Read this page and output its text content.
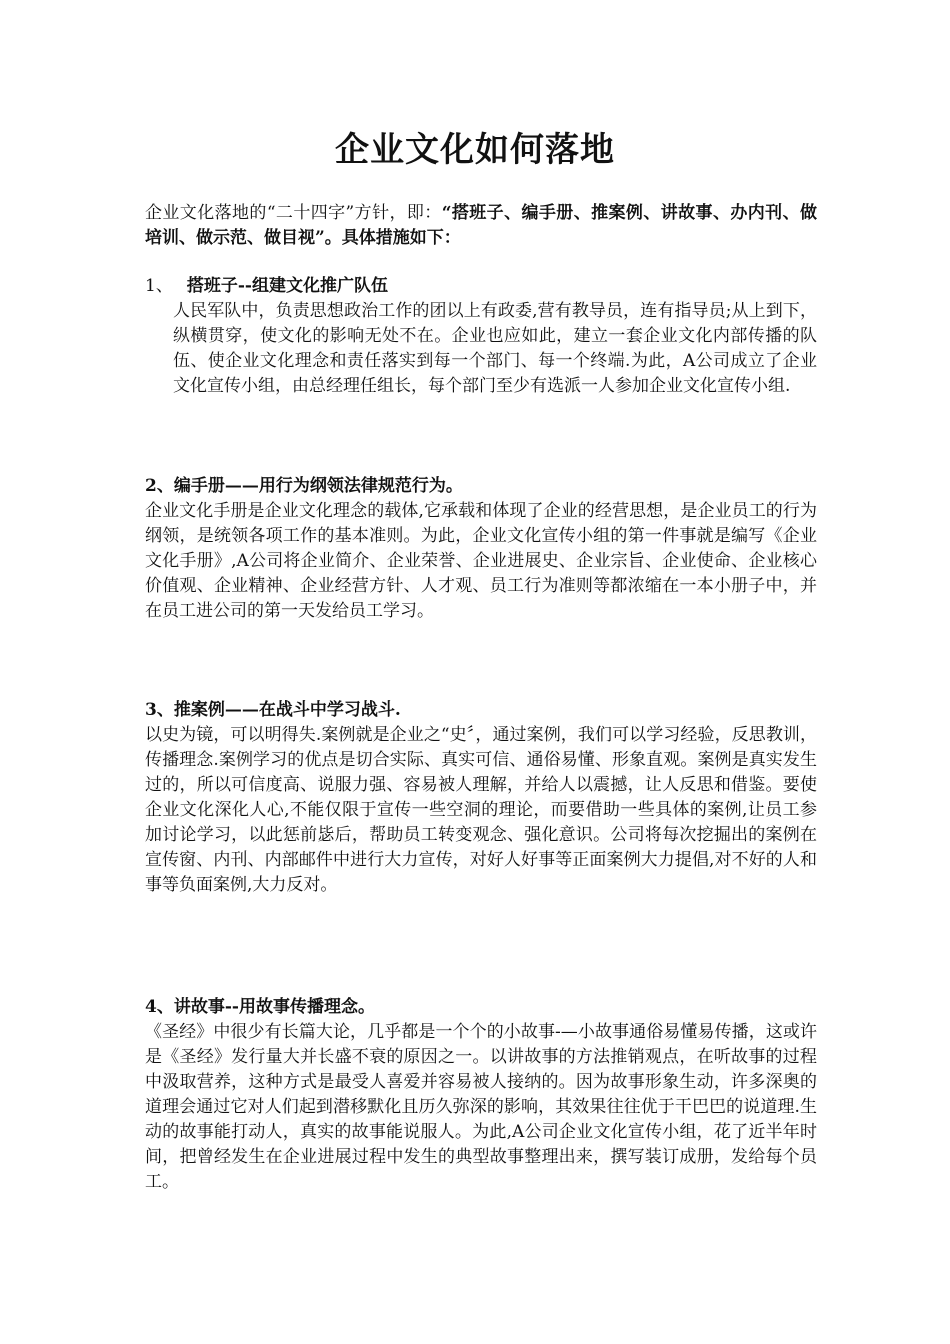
企业文化如何落地

企业文化落地的“二十四字”方针，即：“搭班子、编手册、推案例、讲故事、办内刊、做培训、做示范、做目视”。具体措施如下：

1、 搭班子--组建文化推广队伍

人民军队中，负责思想政治工作的团以上有政委,营有教导员，连有指导员;从上到下，纵横贯穿，使文化的影响无处不在。企业也应如此，建立一套企业文化内部传播的队伍、使企业文化理念和责任落实到每一个部门、每一个终端.为此，A公司成立了企业文化宣传小组，由总经理任组长，每个部门至少有选派一人参加企业文化宣传小组.

2、编手册——用行为纲领法律规范行为。

企业文化手册是企业文化理念的载体,它承载和体现了企业的经营思想，是企业员工的行为纲领，是统领各项工作的基本准则。为此，企业文化宣传小组的第一件事就是编写《企业文化手册》,A公司将企业简介、企业荣誉、企业进展史、企业宗旨、企业使命、企业核心价值观、企业精神、企业经营方针、人才观、员工行为准则等都浓缩在一本小册子中，并在员工进公司的第一天发给员工学习。

3、推案例——在战斗中学习战斗.

以史为镜，可以明得失.案例就是企业之“史〞，通过案例，我们可以学习经验，反思教训，传播理念.案例学习的优点是切合实际、真实可信、通俗易懂、形象直观。案例是真实发生过的，所以可信度高、说服力强、容易被人理解，并给人以震撼，让人反思和借鉴。要使企业文化深化人心,不能仅限于宣传一些空洞的理论，而要借助一些具体的案例,让员工参加讨论学习，以此惩前毖后，帮助员工转变观念、强化意识。公司将每次挖掘出的案例在宣传窗、内刊、内部邮件中进行大力宣传，对好人好事等正面案例大力提倡,对不好的人和事等负面案例,大力反对。

4、讲故事--用故事传播理念。

《圣经》中很少有长篇大论，几乎都是一个个的小故事-—小故事通俗易懂易传播，这或许是《圣经》发行量大并长盛不衰的原因之一。以讲故事的方法推销观点，在听故事的过程中汲取营养，这种方式是最受人喜爱并容易被人接纳的。因为故事形象生动，许多深奥的道理会通过它对人们起到潜移默化且历久弥深的影响，其效果往往优于干巴巴的说道理.生动的故事能打动人，真实的故事能说服人。为此,A公司企业文化宣传小组，花了近半年时间，把曾经发生在企业进展过程中发生的典型故事整理出来，撰写装订成册，发给每个员工。
